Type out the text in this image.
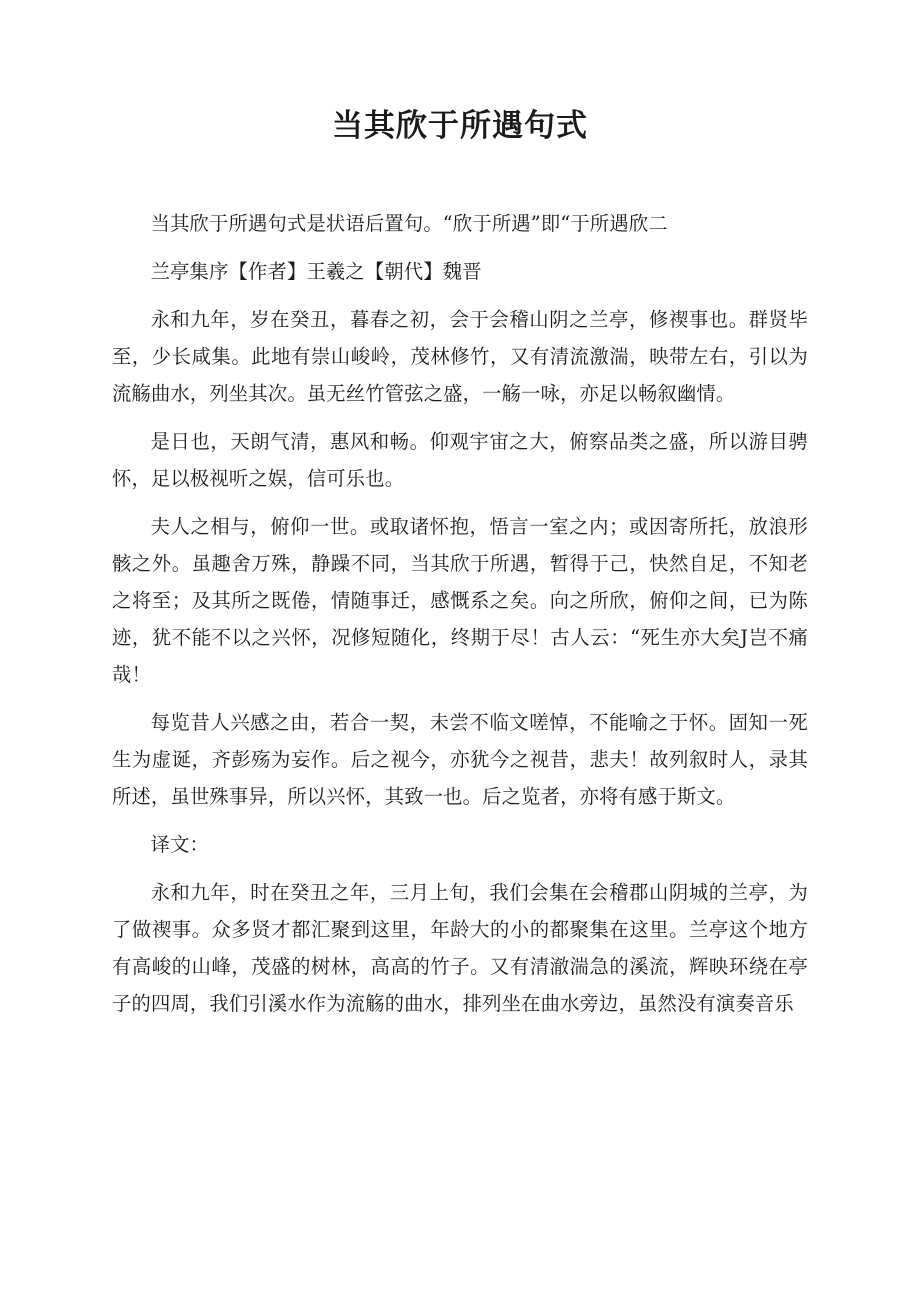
当其欣于所遇句式

当其欣于所遇句式是状语后置句。“欣于所遇”即“于所遇欣二

兰亭集序【作者】王羲之【朝代】魏晋

永和九年，岁在癸丑，暮春之初，会于会稽山阴之兰亭，修禊事也。群贤毕至，少长咸集。此地有崇山峻岭，茂林修竹，又有清流激湍，映带左右，引以为流觞曲水，列坐其次。虽无丝竹管弦之盛，一觞一咏，亦足以畅叙幽情。

是日也，天朗气清，惠风和畅。仰观宇宙之大，俯察品类之盛，所以游目骋怀，足以极视听之娱，信可乐也。

夫人之相与，俯仰一世。或取诸怀抱，悟言一室之内；或因寄所托，放浪形骸之外。虽趣舍万殊，静躁不同，当其欣于所遇，暂得于己，快然自足，不知老之将至；及其所之既倦，情随事迁，感慨系之矣。向之所欣，俯仰之间，已为陈迹，犹不能不以之兴怀，况修短随化，终期于尽！古人云：“死生亦大矣J岂不痛哉！

每览昔人兴感之由，若合一契，未尝不临文嗟悼，不能喻之于怀。固知一死生为虚诞，齐彭殇为妄作。后之视今，亦犹今之视昔，悲夫！故列叙时人，录其所述，虽世殊事异，所以兴怀，其致一也。后之览者，亦将有感于斯文。

译文：

永和九年，时在癸丑之年，三月上旬，我们会集在会稽郡山阴城的兰亭，为了做禊事。众多贤才都汇聚到这里，年龄大的小的都聚集在这里。兰亭这个地方有高峻的山峰，茂盛的树林，高高的竹子。又有清澈湍急的溪流，辉映环绕在亭子的四周，我们引溪水作为流觞的曲水，排列坐在曲水旁边，虽然没有演奏音乐
